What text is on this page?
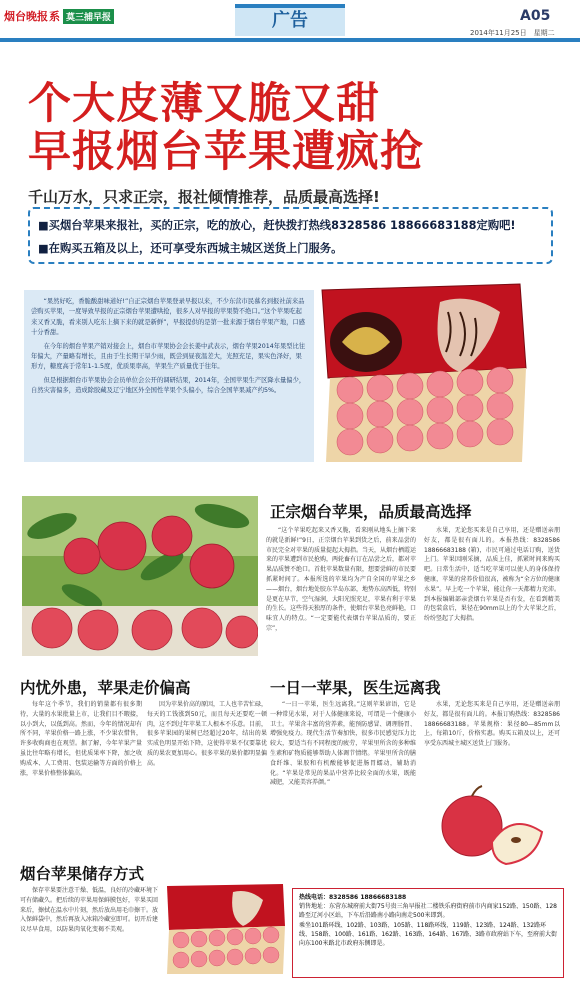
烟台晚报 系 莫三捕早报	广告	A05
2014年11月25日　星期二
个大皮薄又脆又甜
早报烟台苹果遭疯抢
千山万水，只求正宗，报社倾情推荐，品质最高选择!
■买烟台苹果来报社，买的正宗，吃的放心，赶快拨打热线8328586 18866683188定购吧!
■在购买五箱及以上，还可享受东西城主城区送货上门服务。

“果然好吃，香脆酸甜味道好!”自正宗烟台苹果登录早报以来，不少东营市民慕名到报社前来品尝购买苹果，一度导致早报的正宗烟台苹果遭哄抢，很多人对早报的苹果赞不绝口。”这个苹果吃起来又香又脆，看来别人吃东上摘下来的就是新鲜”，早报提供的是第一批来源于烟台苹果产地，口感十分香甜。

在今年的烟台苹果产销对接会上，烟台市苹果协会会长姜中武表示，烟台苹果2014年果型比往年偏大，产量略有增长，且由于生长期干旱少雨，既尝到昼夜温差大，光照充足，果实色泽好，果形方，糖度高于常年1-1.5度，优质果率高，苹果生产质量优于往年。

但是根据烟台市苹果协会会员单位会公开的调研结果，2014年，全国苹果生产区降水量偏少，自然灾害偏多，造成除胶藏及辽宁地区外全国性苹果个头偏小，综合全国苹果减产约5%。

正宗烟台苹果，品质最高选择

“这个苹果吃起来又香又脆，看来刚从地头上摘下来的就是新鲜!”9日，正宗烟台苹果到货之后，前来品尝的市民完全对苹果的质量提起大拇指。当天，从烟台栖霞运来的苹果遭到市民抢购，两轮畜有订在品尝之后，都对苹果品质赞不绝口。首批苹果数量有限，想要尝鲜的市民要抓紧时间了。本报所选的苹果均为产自全国的苹果之乡——烟台，烟台地处胶东半岛东部，地势东高西低，特别是更在早节，空气湿润，大阳光照充足，苹果有利于苹果的生长。这些得天独厚的条件，使烟台苹果色亮鲜艳，口味宜人的特点。“一定要能代表烟台苹果品质的，要正宗”，

水果，无论您买来是自己享用，还是赠送亲朋好友，都是很有面儿的。本报热线：8328586 18866683188 (箱)，市民可通过电话订购，送货上门。苹果因刚采摘，品质上佳，抓紧时间来购买吧。日常生活中，适当吃苹果可以使人的身体保持健康，苹果的营养价值很高，被称为“全方位的健康水果”。早上吃一个苹果，能让你一天都精力充沛。到本报编辑部亲尝烟台苹果是否有发，在看到精美的包装盒后，果径在90mm以上的个大苹果之后，纷纷竖起了大拇指。

内忧外患，苹果走价偏高

每年这个季节，我们的销量都有很多期待，大量的水果批量上市，让我们目不暇接，以小到大，以低到高。然而，今年的情况却有所不同，苹果价格一路上涨，不少果农惜售，许多收购商也在观望。据了解，今年苹果产量虽比往年略有增长，但优质果率下降，加之收购成本、人工费用、包装运输等方面的价格上涨，苹果价格整体偏高。

因为苹果价高的原因，工人也辛苦忙碌，每天的工钱涨到50元，而且每天还要吃一顿肉，这不到过年苹果工人根本不乐意。目前，很多苹果园的果树已经超过20年，结出的果实成色明显开始下降，这使得苹果不仅要靠优质的果农更加用心。很多苹果的果价都明显偏高。

一日一苹果，医生远离我

“一日一苹果，医生远离我。”这则苹果谚语，它是一种常见水果，对于人体健康来说，可谓是一个健康小卫士。苹果含丰富的营养素，能预防感冒、调理肠胃、增强免疫力。现代生活节奏加快，很多市民感觉压力比较大，要适当有不同程度的疲劳，苹果里所含的多种维生素和矿物质能够帮助人体调节情绪。苹果里所含的膳食纤维、果胶和有机酸能够促进肠胃蠕动，辅助消化。“苹果是常见的果品中营养比较全面的水果，既能减肥，又能美容养颜。”

水果，无论您买来是自己享用，还是赠送亲朋好友，都是很有面儿的。本报订购热线：8328586 18866683188。苹果规格：果径80—85mm以上，每箱10斤，价格实惠。购买五箱及以上，还可享受东西城主城区送货上门服务。

烟台苹果储存方式

保存苹果要注意干燥、低温，良好的冷藏环境下可有储藏久。把后续的苹果用保鲜膜包好，苹果买回来后，擦拭在温水中片刻，然后放出用毛巾擦干。放入保鲜袋中，然后再放入冰箱冷藏室即可。切开后建议尽早食用，以防果肉氧化变褐不美观。

热线电话：8328586 18866683188
销售地址：东营东城府前大街75号贵三角早报社二楼铁乐府街府前市内商家152路、150路、128路至辽河小区站，下车后沿路南小路向南走500米即到。
乘坐101路环线、102路、103路、105路、118路环线、119路、123路、124路、132路环线、158路、100路、161路、162路、163路、164路、167路、3路市政府站下车，至府前大街向东100米路北市政府东侧即是。
